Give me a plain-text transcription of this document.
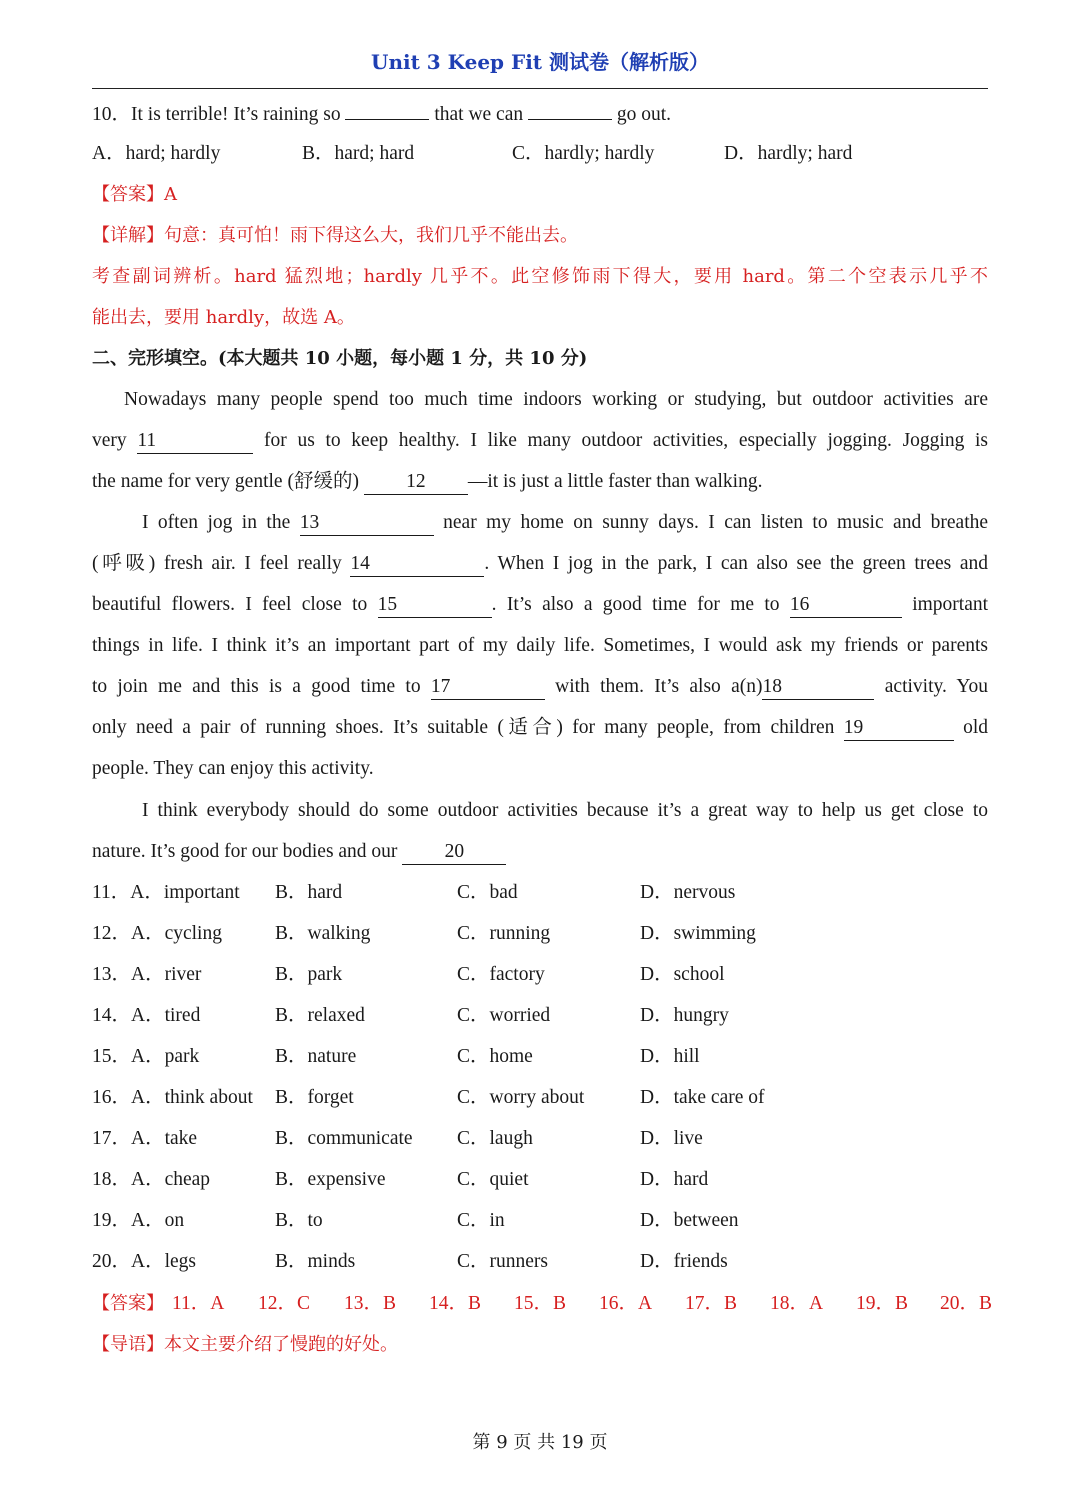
Unit 3 Keep Fit 测试卷（解析版）
10．It is terrible! It’s raining so	that we can	go out.
A．hard; hardly	B．hard; hard	C．hardly; hardly	D．hardly; hard
【答案】A
【详解】句意：真可怕！雨下得这么大，我们几乎不能出去。
考查副词辨析。hard 猛烈地；hardly 几乎不。此空修饰雨下得大，要用 hard。第二个空表示几乎不
能出去，要用 hardly，故选 A。
二、完形填空。(本大题共 10 小题，每小题 1 分，共 10 分)
Nowadays many people spend too much time indoors working or studying, but outdoor activities are
very 11	for us to keep healthy. I like many outdoor activities, especially jogging. Jogging is
the name for very gentle (舒缓的) 12 —it is just a little faster than walking.
I often jog in the 13	near my home on sunny days. I can listen to music and breathe
(呼吸) fresh air. I feel really 14	. When I jog in the park, I can also see the green trees and
beautiful flowers. I feel close to 15	. It’s also a good time for me to 16	important
things in life. I think it’s an important part of my daily life. Sometimes, I would ask my friends or parents
to join me and this is a good time to 17	with them. It’s also a(n)18	activity. You
only need a pair of running shoes. It’s suitable (适合) for many people, from children 19	old
people. They can enjoy this activity.
I think everybody should do some outdoor activities because it’s a great way to help us get close to
nature. It’s good for our bodies and our 20
11．A．important B．hard	C．bad	D．nervous
12．A．cycling	B．walking	C．running	D．swimming
13．A．river	B．park	C．factory	D．school
14．A．tired	B．relaxed	C．worried	D．hungry
15．A．park	B．nature	C．home	D．hill
16．A．think about B．forget	C．worry about	D．take care of
17．A．take	B．communicate C．laugh	D．live
18．A．cheap	B．expensive	C．quiet	D．hard
19．A．on	B．to	C．in	D．between
20．A．legs	B．minds	C．runners	D．friends
【答案】 11．A 12．C 13．B 14．B 15．B 16．A 17．B 18．A 19．B 20．B
【导语】本文主要介绍了慢跑的好处。
第 9 页 共 19 页
